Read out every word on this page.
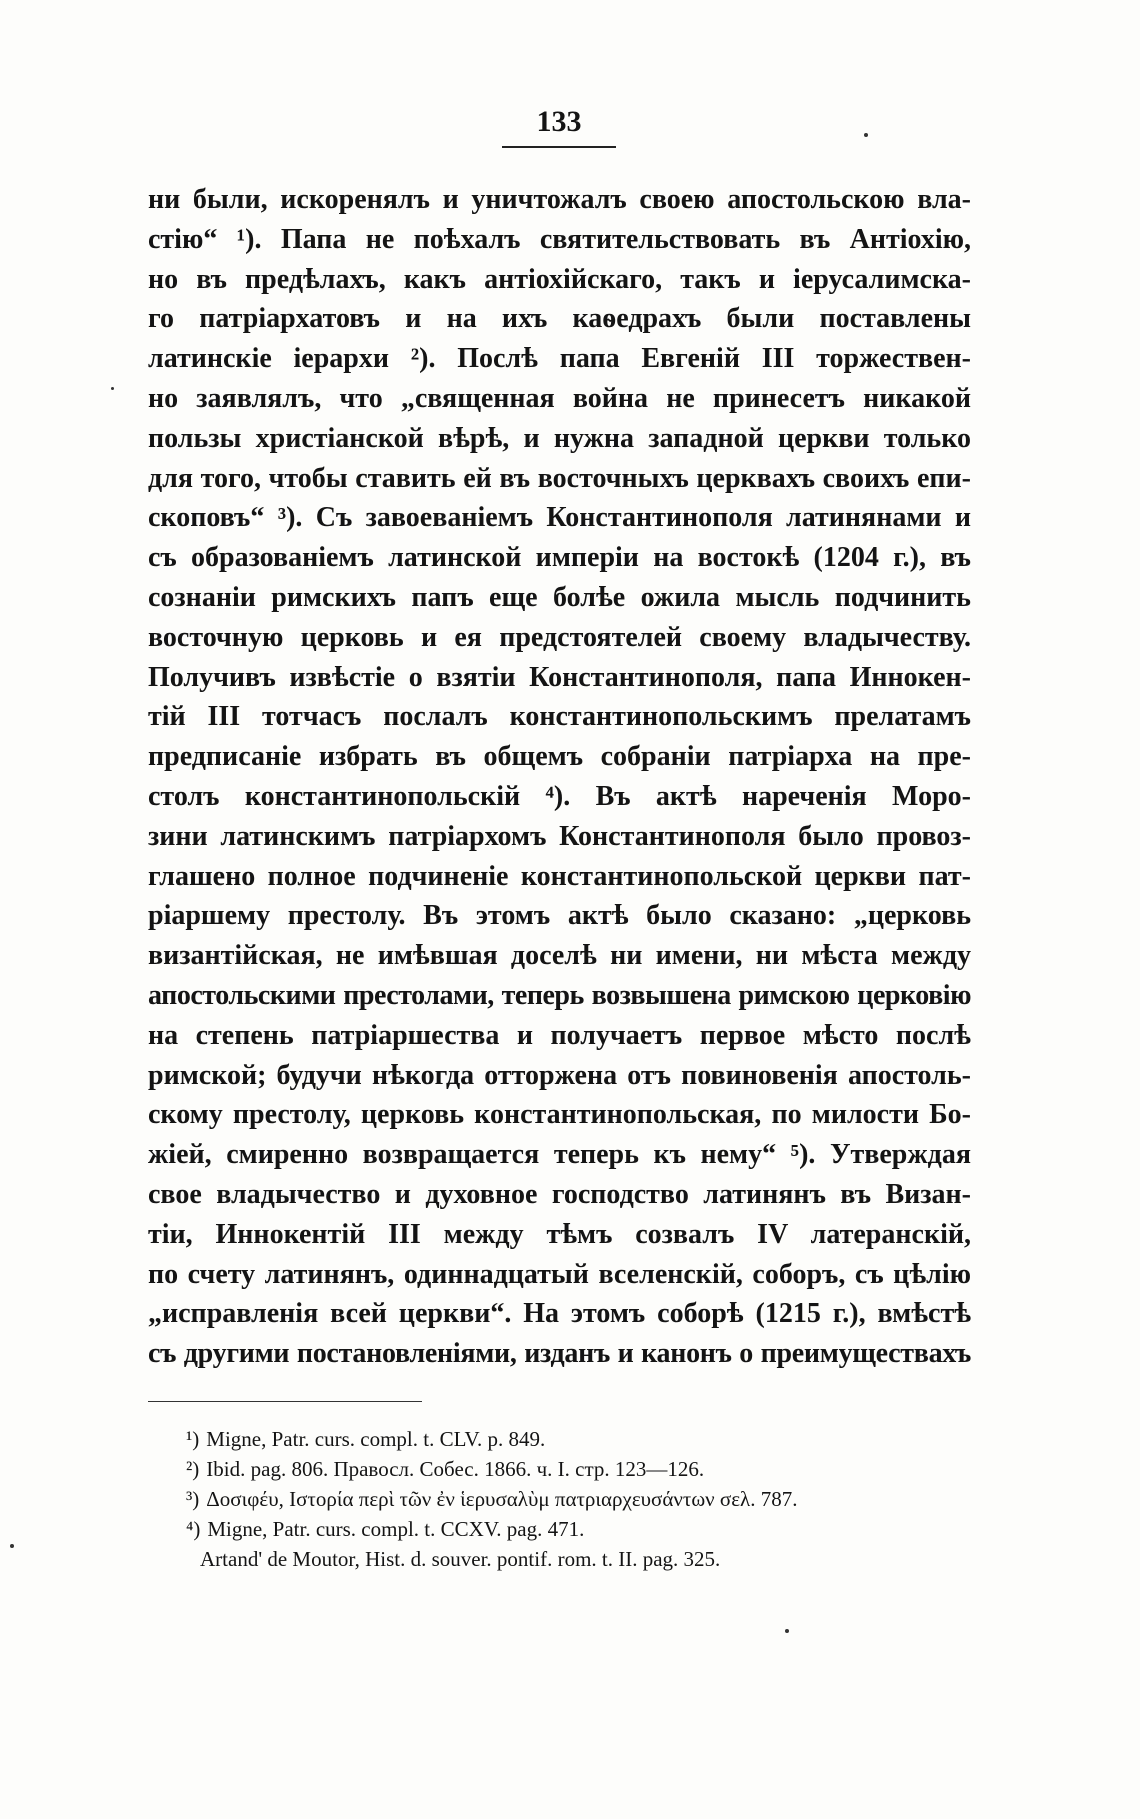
133
ни были, искоренялъ и уничтожалъ своею апостольскою вла-
стію“ ¹). Папа не поѣхалъ святительствовать въ Антіохію,
но въ предѣлахъ, какъ антіохійскаго, такъ и іерусалимска-
го патріархатовъ и на ихъ каѳедрахъ были поставлены
латинскіе іерархи ²). Послѣ папа Евгеній III торжествен-
но заявлялъ, что „священная война не принесетъ никакой
пользы христіанской вѣрѣ, и нужна западной церкви только
для того, чтобы ставить ей въ восточныхъ церквахъ своихъ епи-
скоповъ“ ³). Съ завоеваніемъ Константинополя латинянами и
съ образованіемъ латинской имперіи на востокѣ (1204 г.), въ
сознаніи римскихъ папъ еще болѣе ожила мысль подчинить
восточную церковь и ея предстоятелей своему владычеству.
Получивъ извѣстіе о взятіи Константинополя, папа Иннокен-
тій III тотчасъ послалъ константинопольскимъ прелатамъ
предписаніе избрать въ общемъ собраніи патріарха на пре-
столъ константинопольскій ⁴). Въ актѣ нареченія Моро-
зини латинскимъ патріархомъ Константинополя было провоз-
глашено полное подчиненіе константинопольской церкви пат-
ріаршему престолу. Въ этомъ актѣ было сказано: „церковь
византійская, не имѣвшая доселѣ ни имени, ни мѣста между
апостольскими престолами, теперь возвышена римскою церковію
на степень патріаршества и получаетъ первое мѣсто послѣ
римской; будучи нѣкогда отторжена отъ повиновенія апостоль-
скому престолу, церковь константинопольская, по милости Бо-
жіей, смиренно возвращается теперь къ нему“ ⁵). Утверждая
свое владычество и духовное господство латинянъ въ Визан-
тіи, Иннокентій III между тѣмъ созвалъ IV латеранскій,
по счету латинянъ, одиннадцатый вселенскій, соборъ, съ цѣлію
„исправленія всей церкви“. На этомъ соборѣ (1215 г.), вмѣстѣ
съ другими постановленіями, изданъ и канонъ о преимуществахъ
¹) Migne, Patr. curs. compl. t. CLV. p. 849.
²) Ibid. pag. 806. Правосл. Собес. 1866. ч. I. стр. 123—126.
³) Δοσιφέυ, Ιστορία περὶ τῶν ἐν ἱερυσαλὺμ πατριαρχευσάντων σελ. 787.
⁴) Migne, Patr. curs. compl. t. CCXV. pag. 471.
Artand' de Moutor, Hist. d. souver. pontif. rom. t. II. pag. 325.
